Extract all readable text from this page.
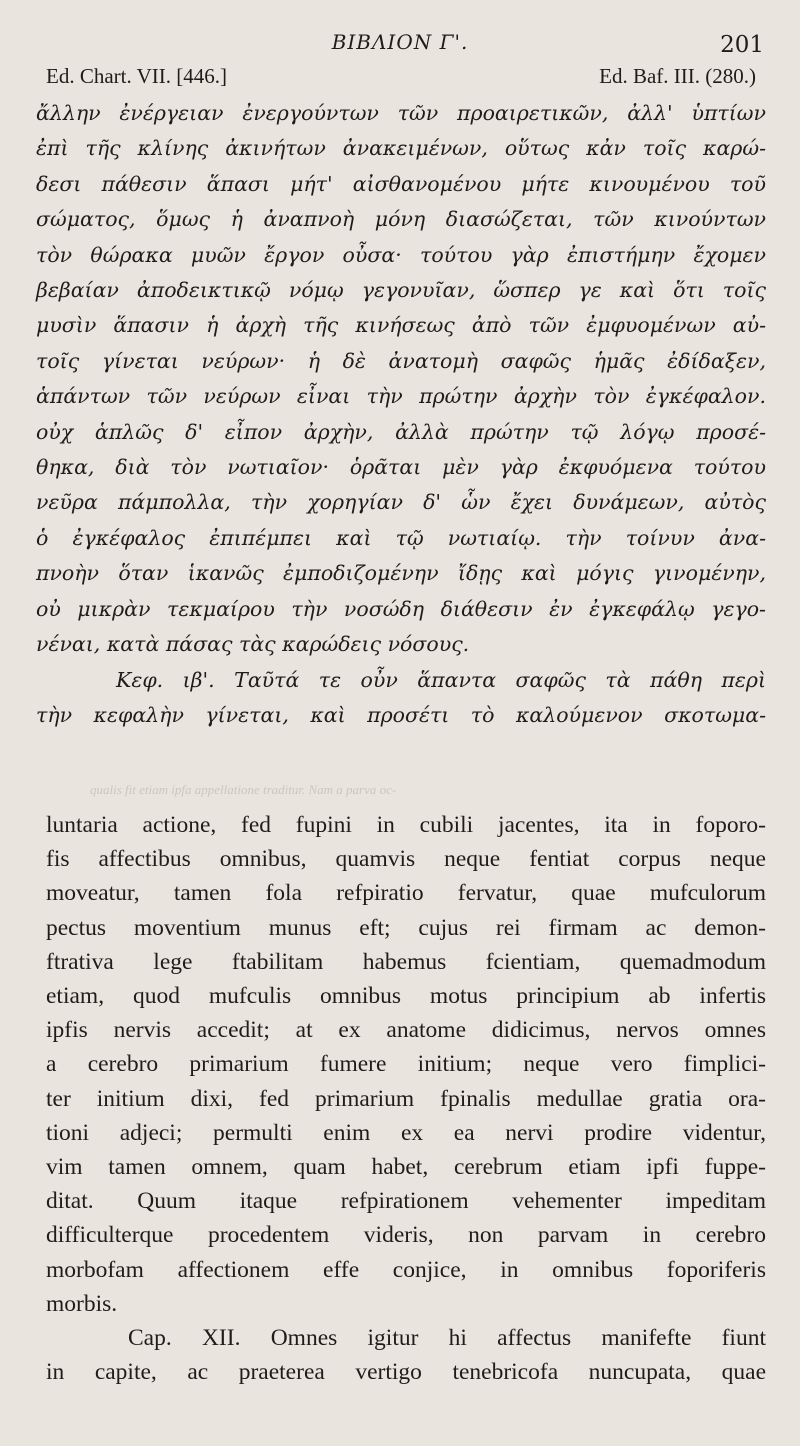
ΒΙΒΛΙΟΝ Γ'.	201
Ed. Chart. VII. [446.]	Ed. Baf. III. (280.)
ἄλλην ἐνέργειαν ἐνεργούντων τῶν προαιρετικῶν, ἀλλ' ὑπτίων
ἐπὶ τῆς κλίνης ἀκινήτων ἀνακειμένων, οὕτως κἀν τοῖς καρώ-
δεσι πάθεσιν ἅπασι μήτ' αἰσθανομένου μήτε κινουμένου τοῦ
σώματος, ὅμως ἡ ἀναπνοὴ μόνη διασώζεται, τῶν κινούντων
τὸν θώρακα μυῶν ἔργον οὖσα· τούτου γὰρ ἐπιστήμην ἔχομεν
βεβαίαν ἀποδεικτικῷ νόμῳ γεγονυῖαν, ὥσπερ γε καὶ ὅτι τοῖς
μυσὶν ἅπασιν ἡ ἀρχὴ τῆς κινήσεως ἀπὸ τῶν ἐμφυομένων αὐ-
τοῖς γίνεται νεύρων· ἡ δὲ ἀνατομὴ σαφῶς ἡμᾶς ἐδίδαξεν,
ἁπάντων τῶν νεύρων εἶναι τὴν πρώτην ἀρχὴν τὸν ἐγκέφαλον.
οὐχ ἁπλῶς δ' εἶπον ἀρχὴν, ἀλλὰ πρώτην τῷ λόγῳ προσέ-
θηκα, διὰ τὸν νωτιαῖον· ὁρᾶται μὲν γὰρ ἐκφυόμενα τούτου
νεῦρα πάμπολλα, τὴν χορηγίαν δ' ὧν ἔχει δυνάμεων, αὐτὸς
ὁ ἐγκέφαλος ἐπιπέμπει καὶ τῷ νωτιαίῳ. τὴν τοίνυν ἀνα-
πνοὴν ὅταν ἱκανῶς ἐμποδιζομένην ἴδῃς καὶ μόγις γινομένην,
οὐ μικρὰν τεκμαίρου τὴν νοσώδη διάθεσιν ἐν ἐγκεφάλῳ γεγο-
νέναι, κατὰ πάσας τὰς καρώδεις νόσους.
Κεφ. ιβ'. Ταῦτά τε οὖν ἅπαντα σαφῶς τὰ πάθη περὶ
τὴν κεφαλὴν γίνεται, καὶ προσέτι τὸ καλούμενον σκοτωμα-
qualis fit etiam ipfa appellatione traditur. Nam a parva oc-
luntaria actione, fed fupini in cubili jacentes, ita in foporo-
fis affectibus omnibus, quamvis neque fentiat corpus neque
moveatur, tamen fola refpiratio fervatur, quae mufculorum
pectus moventium munus eft; cujus rei firmam ac demon-
ftrativa lege ftabilitam habemus fcientiam, quemadmodum
etiam, quod mufculis omnibus motus principium ab infertis
ipfis nervis accedit; at ex anatome didicimus, nervos omnes
a cerebro primarium fumere initium; neque vero fimplici-
ter initium dixi, fed primarium fpinalis medullae gratia ora-
tioni adjeci; permulti enim ex ea nervi prodire videntur,
vim tamen omnem, quam habet, cerebrum etiam ipfi fuppe-
ditat. Quum itaque refpirationem vehementer impeditam
difficulterque procedentem videris, non parvam in cerebro
morbofam affectionem effe conjice, in omnibus foporiferis
morbis.
Cap. XII. Omnes igitur hi affectus manifefte fiunt
in capite, ac praeterea vertigo tenebricofa nuncupata, quae
